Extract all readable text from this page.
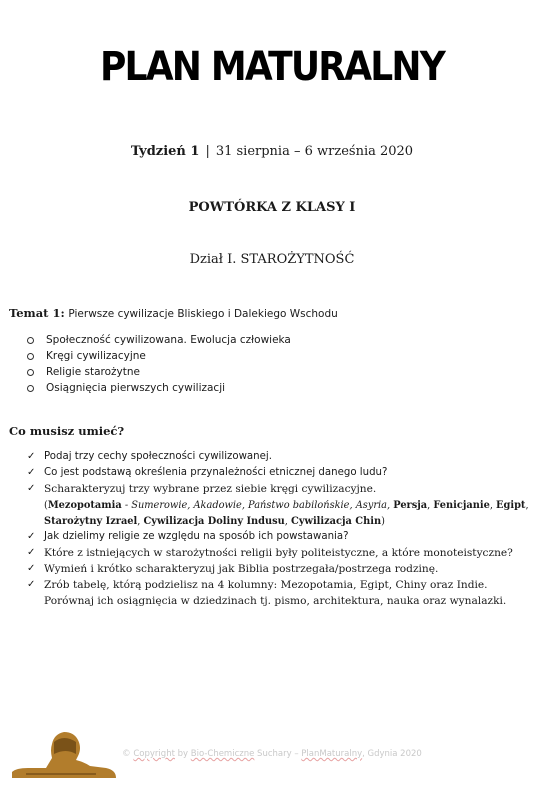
PLAN MATURALNY
Tydzień 1 | 31 sierpnia – 6 września 2020
POWTÓRKA Z KLASY I
Dział I. STAROŻYTNOŚĆ
Temat 1: Pierwsze cywilizacje Bliskiego i Dalekiego Wschodu
Społeczność cywilizowana. Ewolucja człowieka
Kręgi cywilizacyjne
Religie starożytne
Osiągnięcia pierwszych cywilizacji
Co musisz umieć?
✓ Podaj trzy cechy społeczności cywilizowanej.
✓ Co jest podstawą określenia przynależności etnicznej danego ludu?
✓ Scharakteryzuj trzy wybrane przez siebie kręgi cywilizacyjne.
(Mezopotamia - Sumerowie, Akadowie, Państwo babilońskie, Asyria, Persja, Fenicjanie, Egipt, Starożytny Izrael, Cywilizacja Doliny Indusu, Cywilizacja Chin)
✓ Jak dzielimy religie ze względu na sposób ich powstawania?
✓ Które z istniejących w starożytności religii były politeistyczne, a które monoteistyczne?
✓ Wymień i krótko scharakteryzuj jak Biblia postrzegała/postrzega rodzinę.
✓ Zrób tabelę, którą podzielisz na 4 kolumny: Mezopotamia, Egipt, Chiny oraz Indie. Porównaj ich osiągnięcia w dziedzinach tj. pismo, architektura, nauka oraz wynalazki.
© Copyright by Bio-Chemiczne Suchary – PlanMaturalny, Gdynia 2020
